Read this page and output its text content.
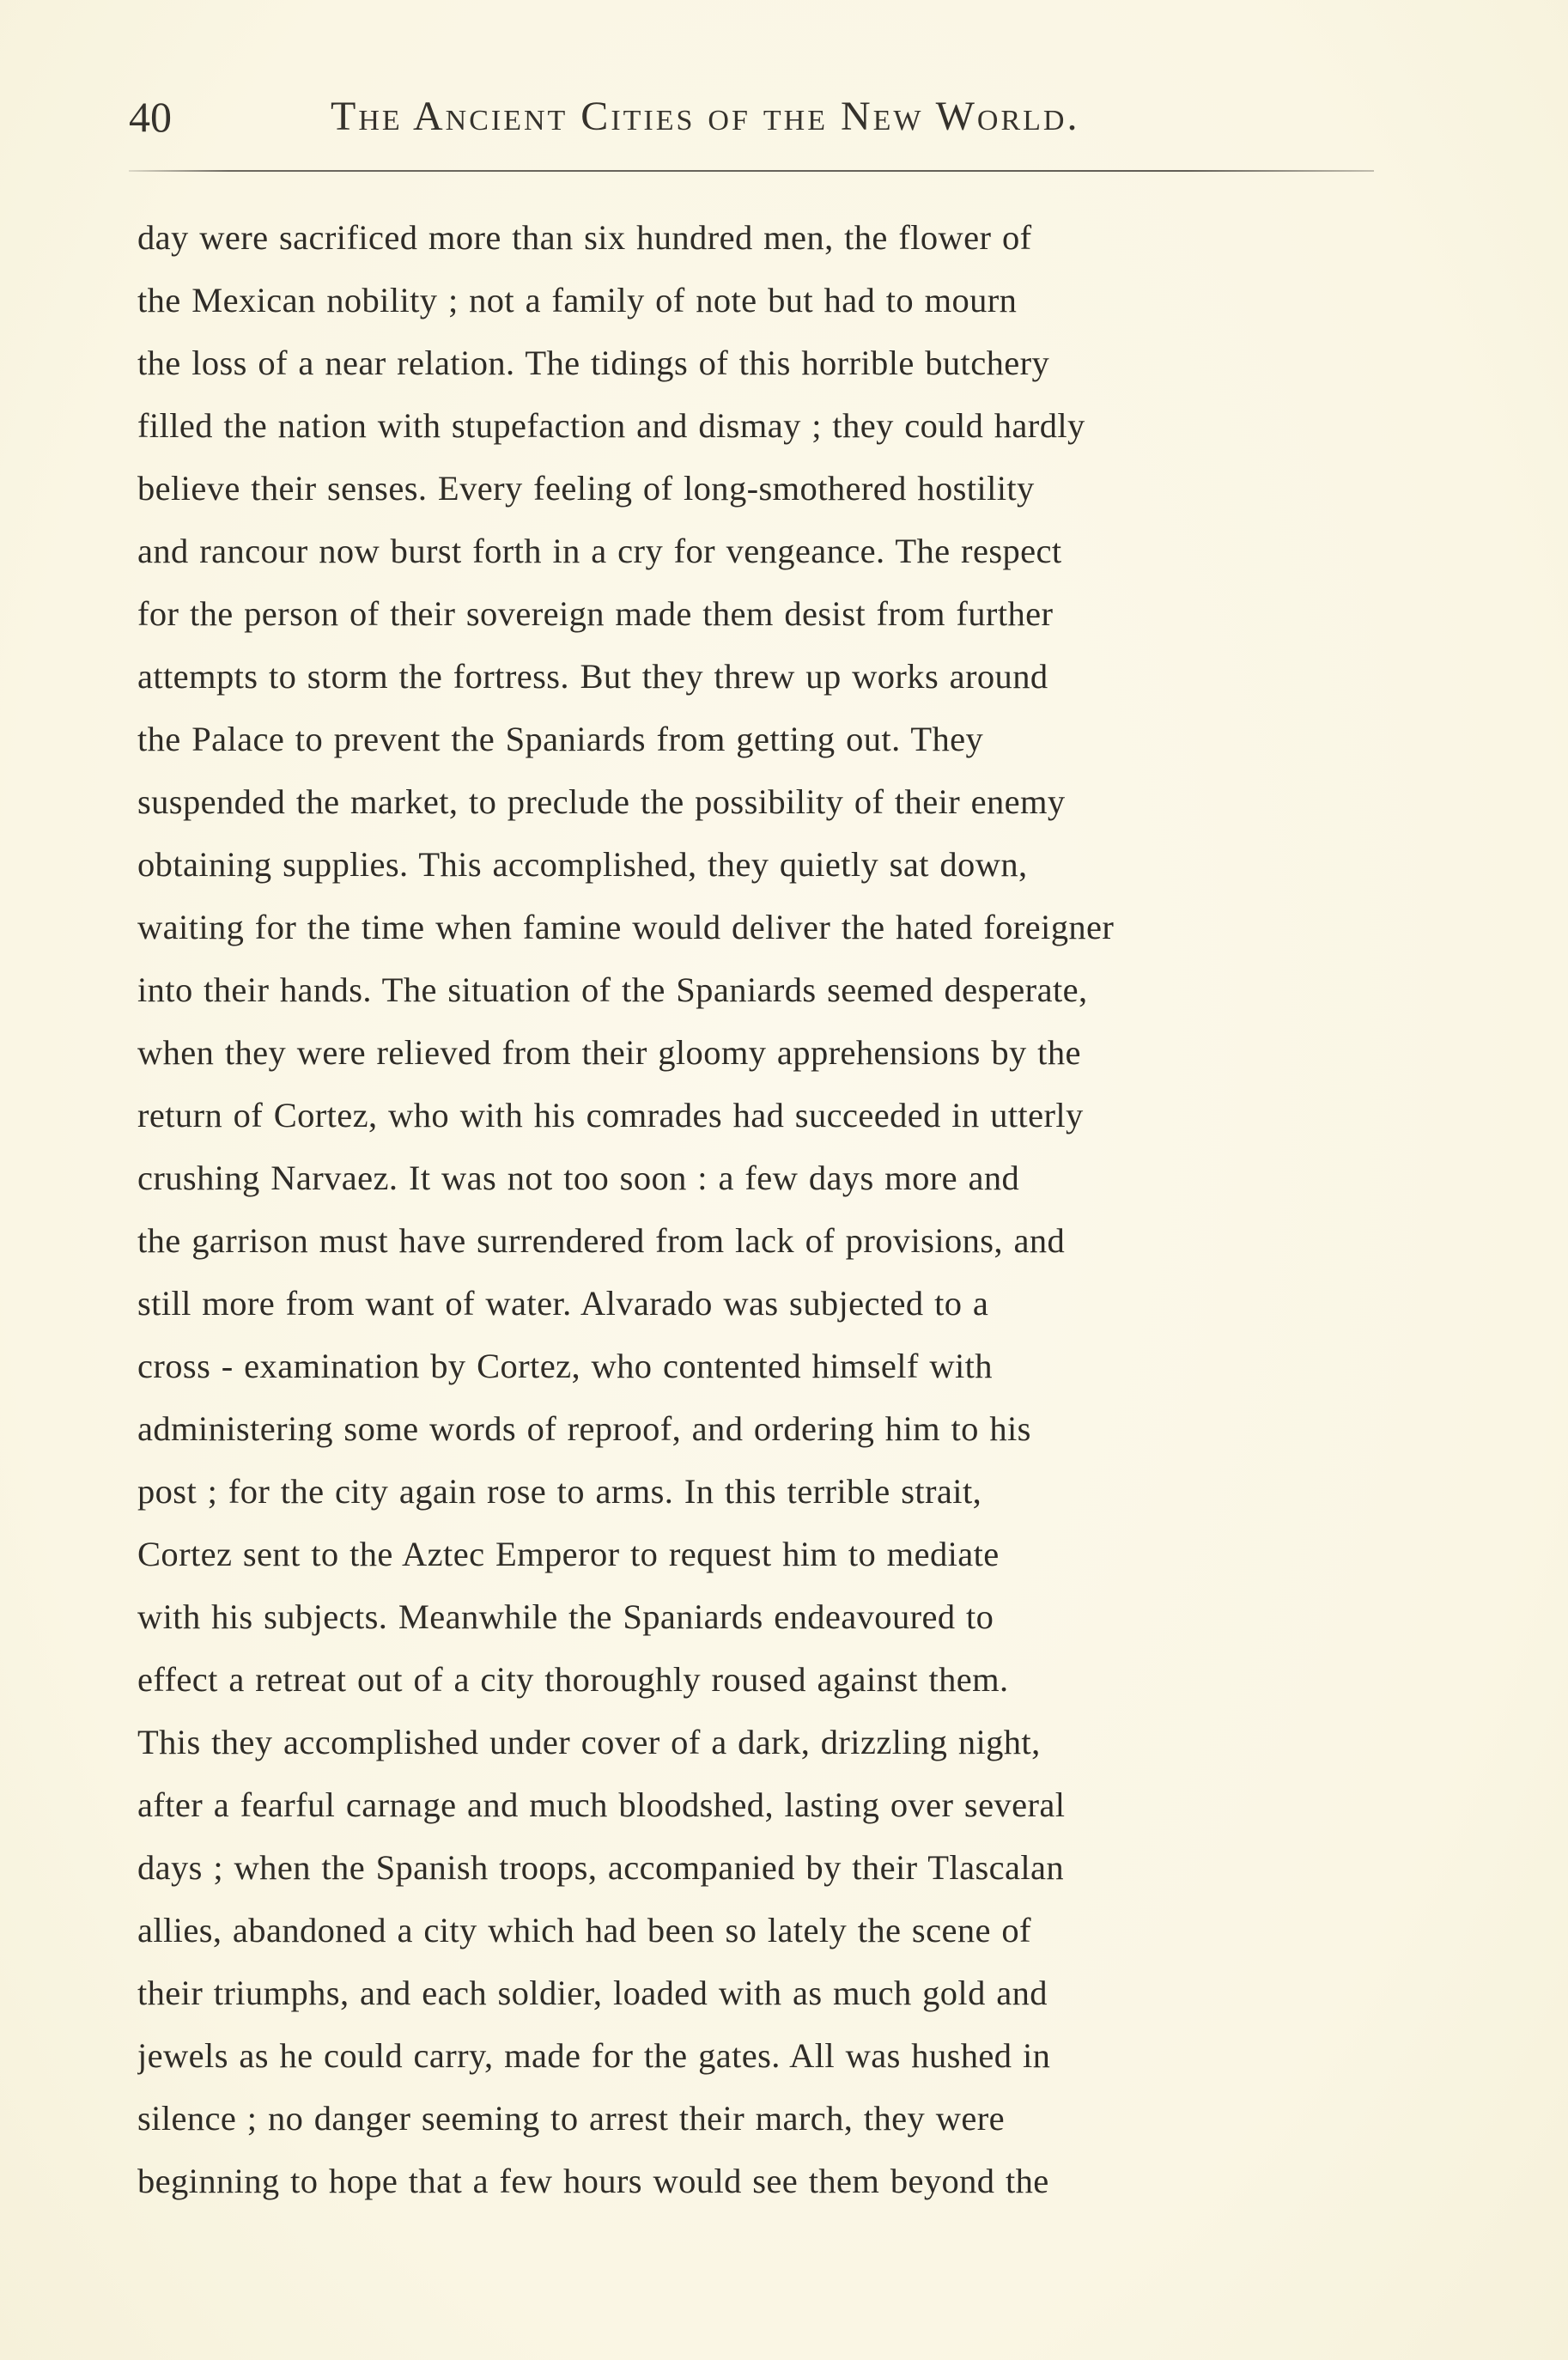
40	The Ancient Cities of the New World.
day were sacrificed more than six hundred men, the flower of
the Mexican nobility ; not a family of note but had to mourn
the loss of a near relation. The tidings of this horrible butchery
filled the nation with stupefaction and dismay ; they could hardly
believe their senses. Every feeling of long-smothered hostility
and rancour now burst forth in a cry for vengeance. The respect
for the person of their sovereign made them desist from further
attempts to storm the fortress. But they threw up works around
the Palace to prevent the Spaniards from getting out. They
suspended the market, to preclude the possibility of their enemy
obtaining supplies. This accomplished, they quietly sat down,
waiting for the time when famine would deliver the hated foreigner
into their hands. The situation of the Spaniards seemed desperate,
when they were relieved from their gloomy apprehensions by the
return of Cortez, who with his comrades had succeeded in utterly
crushing Narvaez. It was not too soon : a few days more and
the garrison must have surrendered from lack of provisions, and
still more from want of water. Alvarado was subjected to a
cross - examination by Cortez, who contented himself with
administering some words of reproof, and ordering him to his
post ; for the city again rose to arms. In this terrible strait,
Cortez sent to the Aztec Emperor to request him to mediate
with his subjects. Meanwhile the Spaniards endeavoured to
effect a retreat out of a city thoroughly roused against them.
This they accomplished under cover of a dark, drizzling night,
after a fearful carnage and much bloodshed, lasting over several
days ; when the Spanish troops, accompanied by their Tlascalan
allies, abandoned a city which had been so lately the scene of
their triumphs, and each soldier, loaded with as much gold and
jewels as he could carry, made for the gates. All was hushed in
silence ; no danger seeming to arrest their march, they were
beginning to hope that a few hours would see them beyond the
